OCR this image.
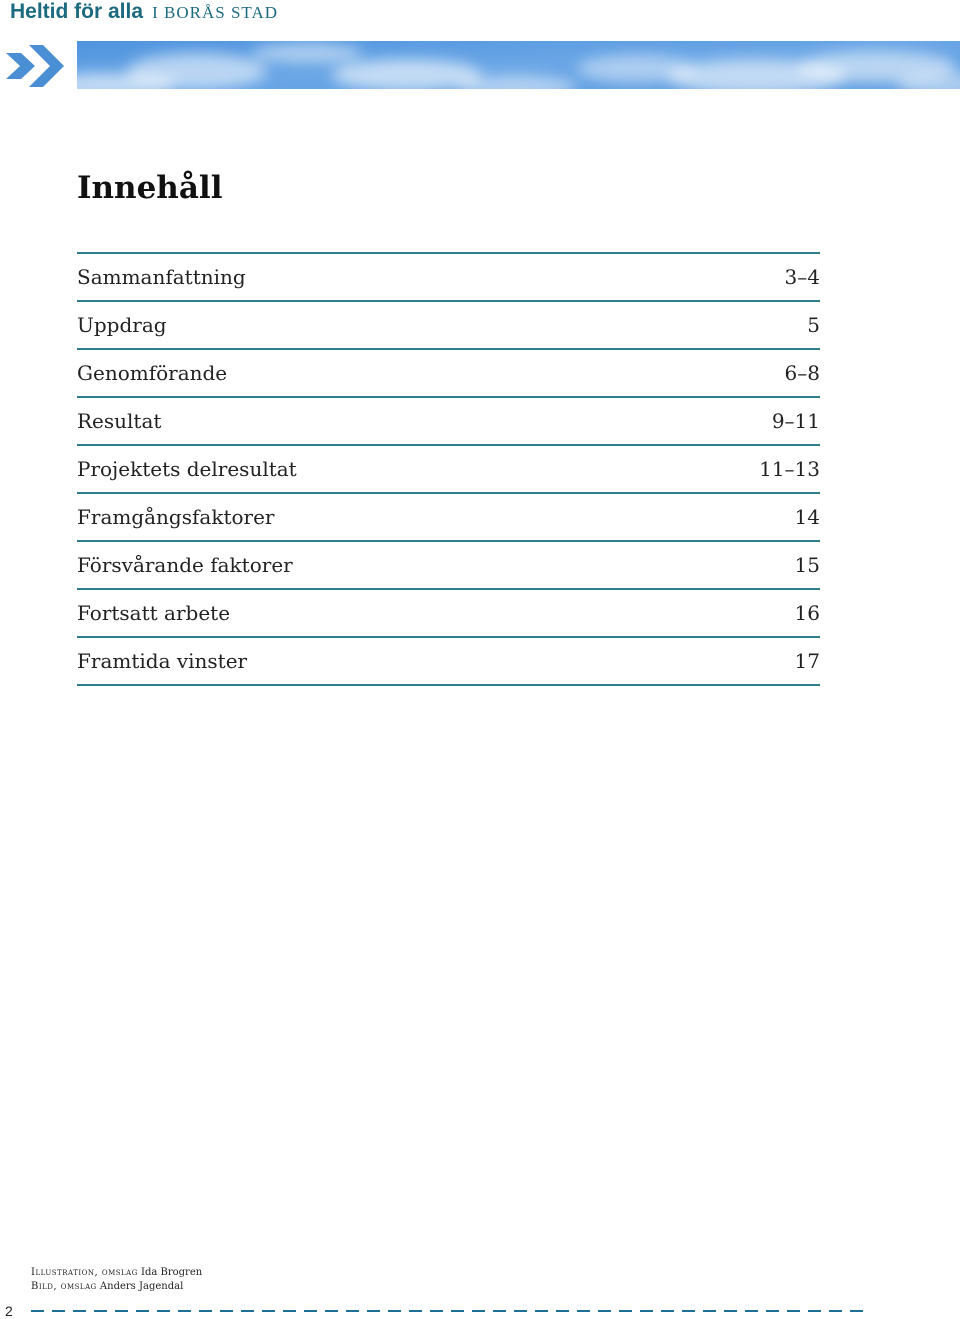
Heltid för alla I BORÅS STAD
Innehåll
Sammanfattning	3–4
Uppdrag	5
Genomförande	6–8
Resultat	9–11
Projektets delresultat	11–13
Framgångsfaktorer	14
Försvårande faktorer	15
Fortsatt arbete	16
Framtida vinster	17
Illustration, omslag Ida Brogren
Bild, omslag Anders Jagendal
2
